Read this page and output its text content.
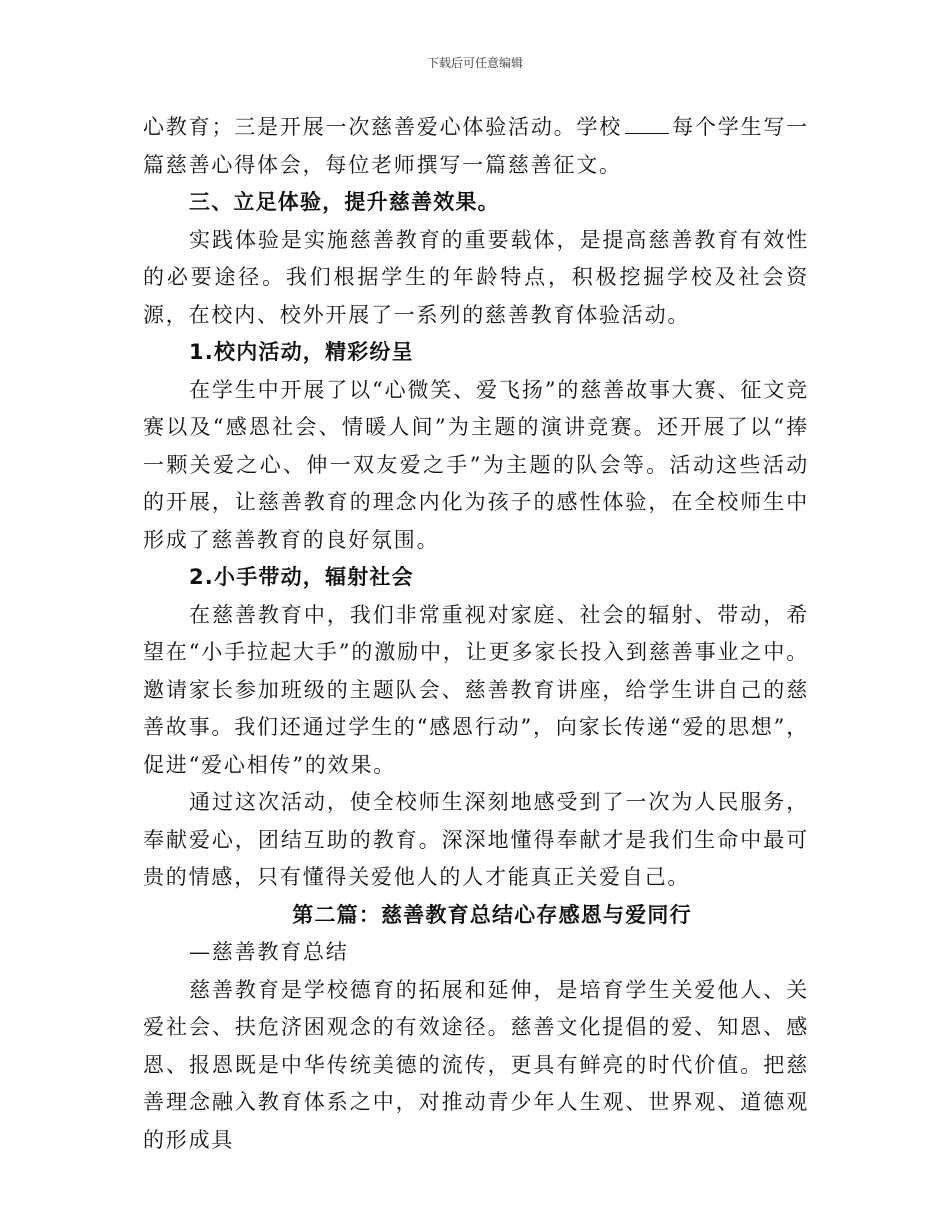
下载后可任意编辑

心教育；三是开展一次慈善爱心体验活动。学校 每个学生写一篇慈善心得体会，每位老师撰写一篇慈善征文。

三、立足体验，提升慈善效果。

实践体验是实施慈善教育的重要载体，是提高慈善教育有效性的必要途径。我们根据学生的年龄特点，积极挖掘学校及社会资源，在校内、校外开展了一系列的慈善教育体验活动。

1.校内活动，精彩纷呈

在学生中开展了以“心微笑、爱飞扬”的慈善故事大赛、征文竞赛以及“感恩社会、情暖人间”为主题的演讲竞赛。还开展了以“捧一颗关爱之心、伸一双友爱之手”为主题的队会等。活动这些活动的开展，让慈善教育的理念内化为孩子的感性体验，在全校师生中形成了慈善教育的良好氛围。

2.小手带动，辐射社会

在慈善教育中，我们非常重视对家庭、社会的辐射、带动，希望在“小手拉起大手”的激励中，让更多家长投入到慈善事业之中。邀请家长参加班级的主题队会、慈善教育讲座，给学生讲自己的慈善故事。我们还通过学生的“感恩行动”，向家长传递“爱的思想”，促进“爱心相传”的效果。

通过这次活动，使全校师生深刻地感受到了一次为人民服务，奉献爱心，团结互助的教育。深深地懂得奉献才是我们生命中最可贵的情感，只有懂得关爱他人的人才能真正关爱自己。

第二篇：慈善教育总结心存感恩与爱同行

—慈善教育总结

慈善教育是学校德育的拓展和延伸，是培育学生关爱他人、关爱社会、扶危济困观念的有效途径。慈善文化提倡的爱、知恩、感恩、报恩既是中华传统美德的流传，更具有鲜亮的时代价值。把慈善理念融入教育体系之中，对推动青少年人生观、世界观、道德观的形成具
